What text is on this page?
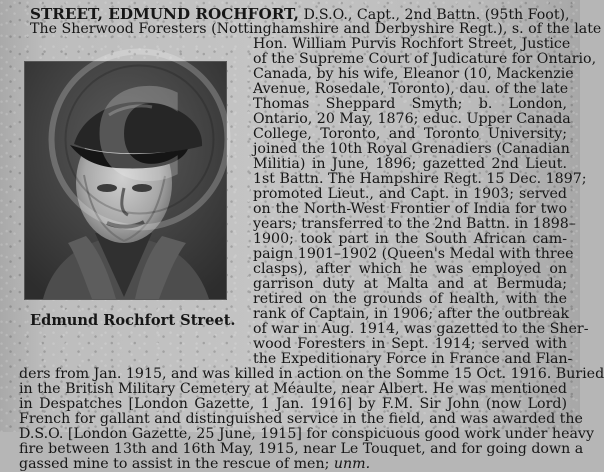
STREET, EDMUND ROCHFORT, D.S.O., Capt., 2nd Battn. (95th Foot),
The Sherwood Foresters (Nottinghamshire and Derbyshire Regt.), s. of the late
Hon. William Purvis Rochfort Street, Justice
of the Supreme Court of Judicature for Ontario,
Canada, by his wife, Eleanor (10, Mackenzie
Avenue, Rosedale, Toronto), dau. of the late
Thomas Sheppard Smyth; b. London,
Ontario, 20 May, 1876; educ. Upper Canada
College, Toronto, and Toronto University;
joined the 10th Royal Grenadiers (Canadian
Militia) in June, 1896; gazetted 2nd Lieut.
1st Battn. The Hampshire Regt. 15 Dec. 1897;
promoted Lieut., and Capt. in 1903; served
on the North-West Frontier of India for two
years; transferred to the 2nd Battn. in 1898–
1900; took part in the South African cam-
paign 1901–1902 (Queen's Medal with three
clasps), after which he was employed on
garrison duty at Malta and at Bermuda;
retired on the grounds of health, with the
rank of Captain, in 1906; after the outbreak
of war in Aug. 1914, was gazetted to the Sher-
wood Foresters in Sept. 1914; served with
the Expeditionary Force in France and Flan-
Edmund Rochfort Street.
ders from Jan. 1915, and was killed in action on the Somme 15 Oct. 1916. Buried
in the British Military Cemetery at Méaulte, near Albert. He was mentioned
in Despatches [London Gazette, 1 Jan. 1916] by F.M. Sir John (now Lord)
French for gallant and distinguished service in the field, and was awarded the
D.S.O. [London Gazette, 25 June, 1915] for conspicuous good work under heavy
fire between 13th and 16th May, 1915, near Le Touquet, and for going down a
gassed mine to assist in the rescue of men; unm.
C
